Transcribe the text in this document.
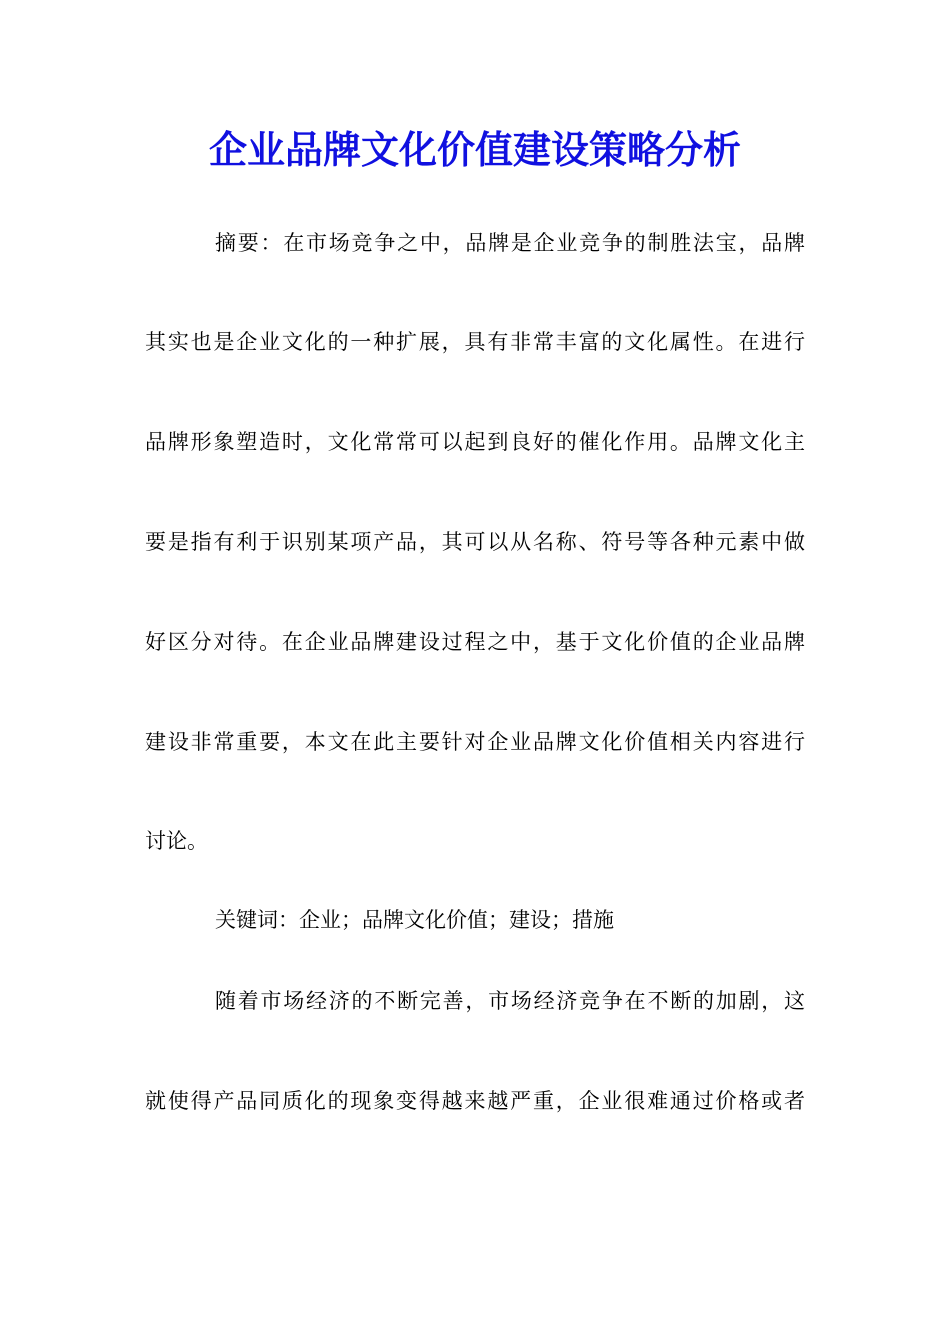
企业品牌文化价值建设策略分析
摘要：在市场竞争之中，品牌是企业竞争的制胜法宝，品牌
其实也是企业文化的一种扩展，具有非常丰富的文化属性。在进行
品牌形象塑造时，文化常常可以起到良好的催化作用。品牌文化主
要是指有利于识别某项产品，其可以从名称、符号等各种元素中做
好区分对待。在企业品牌建设过程之中，基于文化价值的企业品牌
建设非常重要，本文在此主要针对企业品牌文化价值相关内容进行
讨论。
关键词：企业；品牌文化价值；建设；措施
随着市场经济的不断完善，市场经济竞争在不断的加剧，这
就使得产品同质化的现象变得越来越严重，企业很难通过价格或者
